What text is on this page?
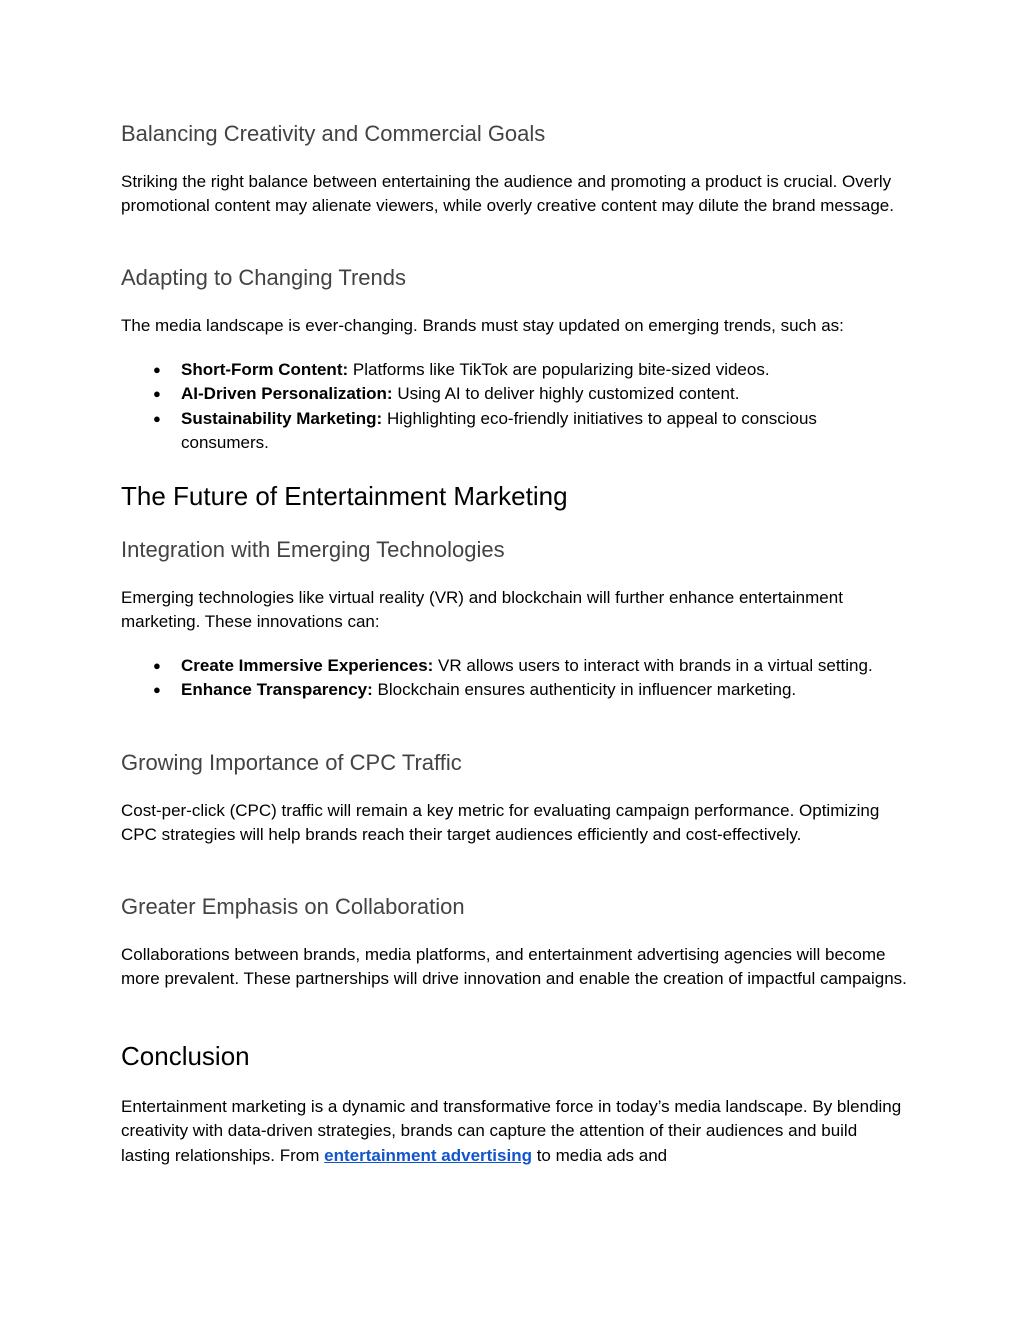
Balancing Creativity and Commercial Goals

Striking the right balance between entertaining the audience and promoting a product is crucial. Overly promotional content may alienate viewers, while overly creative content may dilute the brand message.

Adapting to Changing Trends

The media landscape is ever-changing. Brands must stay updated on emerging trends, such as:

● Short-Form Content: Platforms like TikTok are popularizing bite-sized videos.
● AI-Driven Personalization: Using AI to deliver highly customized content.
● Sustainability Marketing: Highlighting eco-friendly initiatives to appeal to conscious consumers.
The Future of Entertainment Marketing
Integration with Emerging Technologies

Emerging technologies like virtual reality (VR) and blockchain will further enhance entertainment marketing. These innovations can:

● Create Immersive Experiences: VR allows users to interact with brands in a virtual setting.
● Enhance Transparency: Blockchain ensures authenticity in influencer marketing.
Growing Importance of CPC Traffic

Cost-per-click (CPC) traffic will remain a key metric for evaluating campaign performance. Optimizing CPC strategies will help brands reach their target audiences efficiently and cost-effectively.

Greater Emphasis on Collaboration

Collaborations between brands, media platforms, and entertainment advertising agencies will become more prevalent. These partnerships will drive innovation and enable the creation of impactful campaigns.

Conclusion

Entertainment marketing is a dynamic and transformative force in today’s media landscape. By blending creativity with data-driven strategies, brands can capture the attention of their audiences and build lasting relationships. From entertainment advertising to media ads and
